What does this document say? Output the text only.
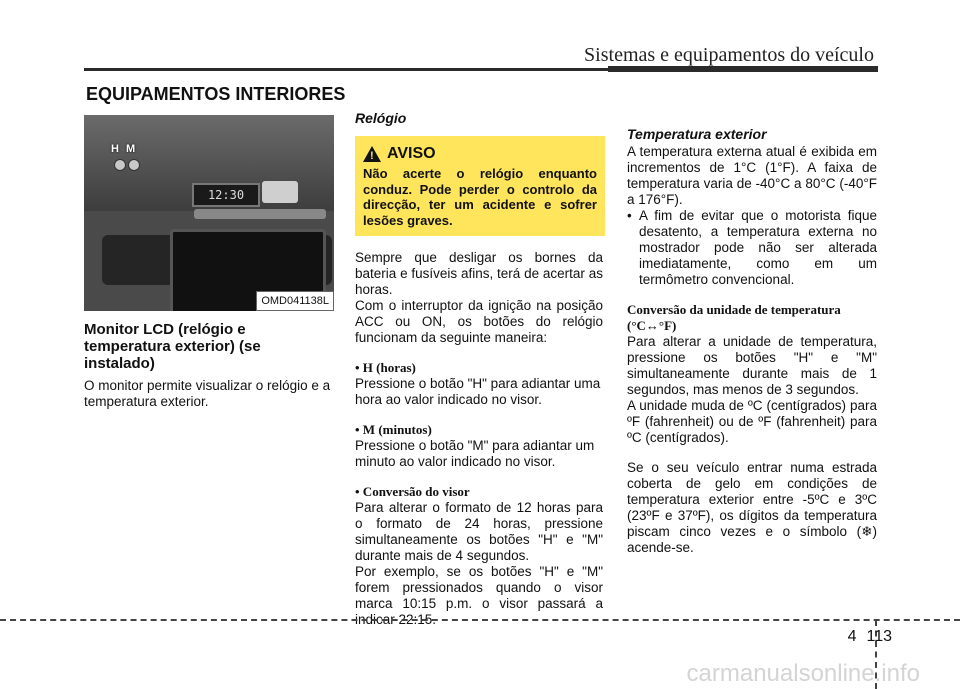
Sistemas e equipamentos do veículo
EQUIPAMENTOS INTERIORES
H M
12:30
OMD041138L
Monitor LCD (relógio e temperatura exterior) (se instalado)
O monitor permite visualizar o relógio e a temperatura exterior.
Relógio
! AVISO
Não acerte o relógio enquanto conduz. Pode perder o controlo da direcção, ter um acidente e sofrer lesões graves.
Sempre que desligar os bornes da bateria e fusíveis afins, terá de acertar as horas.
Com o interruptor da ignição na posição ACC ou ON, os botões do relógio funcionam da seguinte maneira:
• H (horas)
Pressione o botão "H" para adiantar uma hora ao valor indicado no visor.
• M (minutos)
Pressione o botão "M" para adiantar um minuto ao valor indicado no visor.
• Conversão do visor
Para alterar o formato de 12 horas para o formato de 24 horas, pressione simultaneamente os botões "H" e "M" durante mais de 4 segundos.
Por exemplo, se os botões "H" e "M" forem pressionados quando o visor marca 10:15 p.m. o visor passará a indicar 22:15.
Temperatura exterior
A temperatura externa atual é exibida em incrementos de 1°C (1°F). A faixa de temperatura varia de -40°C a 80°C (-40°F a 176°F).
• A fim de evitar que o motorista fique desatento, a temperatura externa no mostrador pode não ser alterada imediatamente, como em um termômetro convencional.
Conversão da unidade de temperatura (°C↔°F)
Para alterar a unidade de temperatura, pressione os botões "H" e "M" simultaneamente durante mais de 1 segundos, mas menos de 3 segundos.
A unidade muda de ºC (centígrados) para ºF (fahrenheit) ou de ºF (fahrenheit) para ºC (centígrados).
Se o seu veículo entrar numa estrada coberta de gelo em condições de temperatura exterior entre -5ºC e 3ºC (23ºF e 37ºF), os dígitos da temperatura piscam cinco vezes e o símbolo (❄) acende-se.
4 113
carmanualsonline.info
